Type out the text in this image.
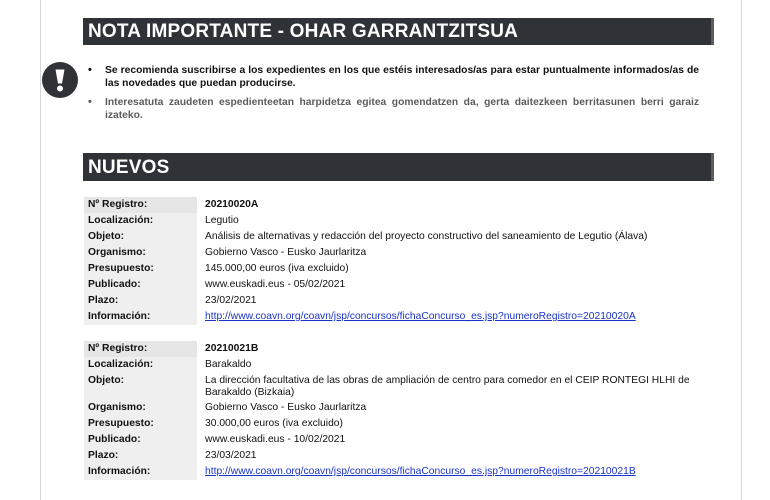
NOTA IMPORTANTE - OHAR GARRANTZITSUA
• Se recomienda suscribirse a los expedientes en los que estéis interesados/as para estar puntualmente informados/as de las novedades que puedan producirse.
• Interesatuta zaudeten espedienteetan harpidetza egitea gomendatzen da, gerta daitezkeen berritasunen berri garaiz izateko.
NUEVOS
Nº Registro:	20210020A
Localización:	Legutio
Objeto:	Análisis de alternativas y redacción del proyecto constructivo del saneamiento de Legutio (Álava)
Organismo:	Gobierno Vasco - Eusko Jaurlaritza
Presupuesto:	145.000,00 euros (iva excluido)
Publicado:	www.euskadi.eus - 05/02/2021
Plazo:	23/02/2021
Información:	http://www.coavn.org/coavn/jsp/concursos/fichaConcurso_es.jsp?numeroRegistro=20210020A
Nº Registro:	20210021B
Localización:	Barakaldo
Objeto:	La dirección facultativa de las obras de ampliación de centro para comedor en el CEIP RONTEGI HLHI de Barakaldo (Bizkaia)
Organismo:	Gobierno Vasco - Eusko Jaurlaritza
Presupuesto:	30.000,00 euros (iva excluido)
Publicado:	www.euskadi.eus - 10/02/2021
Plazo:	23/03/2021
Información:	http://www.coavn.org/coavn/jsp/concursos/fichaConcurso_es.jsp?numeroRegistro=20210021B
